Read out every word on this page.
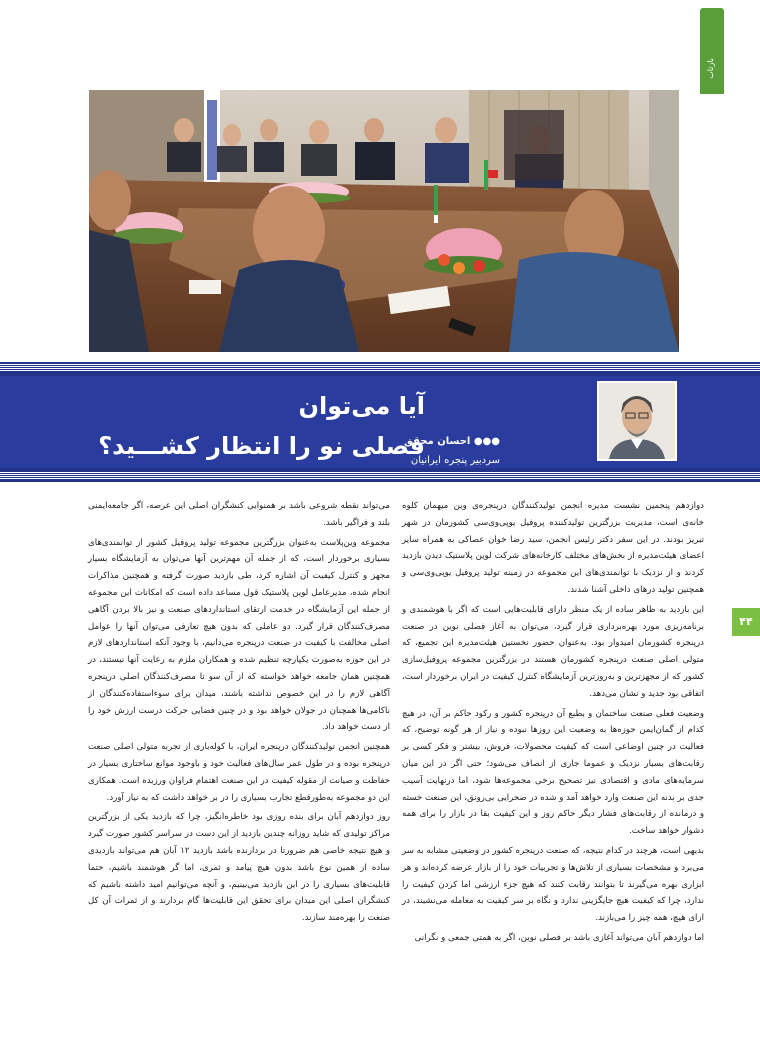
بازتاب
آیا می‌توان
فصلی نو را انتظار کشـــید؟
●●● احسان محقق
سردبیر پنجره ایرانیان
۴۴

دوازدهم پنجمین نشست مدیره انجمن تولیدکنندگان درپنجره‌ی وین میهمان کلوه خانه‌ی است، مدیریت بزرگترین تولیدکننده پروفیل یوپی‌وی‌سی کشورمان در شهر تبریز بودند. در این سفر دکتر رئیس انجمن، سید رضا خوان عصاکی به همراه سایر اعضای هیئت‌مدیره از بخش‌های مختلف کارخانه‌های شرکت لوین پلاستیک دیدن بازدید کردند و از نزدیک با توانمندی‌های این مجموعه در زمینه تولید پروفیل یوپی‌وی‌سی و همچنین تولید درهای داخلی آشنا شدند.

این بازدید به ظاهر ساده از یک منظر دارای قابلیت‌هایی است که اگر با هوشمندی و برنامه‌ریزی مورد بهره‌برداری قرار گیرد، می‌توان به آغاز فصلی نوین در صنعت درپنجره کشورمان امیدوار بود. به‌عنوان حضور نخستین هیئت‌مدیره این تجمیع، که متولی اصلی صنعت درپنجره کشورمان هستند در بزرگترین مجموعه پروفیل‌سازی کشور که از مجهزترین و به‌روزترین آزمایشگاه کنترل کیفیت در ایران برخوردار است، اتفاقی بود جدید و نشان می‌دهد.

وضعیت فعلی صنعت ساختمان و بطبع آن درپنجره کشور و رکود حاکم بر آن، در هیچ کدام از گمان‌ایمن حوزه‌ها به وضعیت این روزها نبوده و نیاز از هر گونه توضیح، که فعالیت در چنین اوضاعی است که کیفیت محصولات، فروش، بیشتر و فکر کسی بر رقابت‌های بسیار نزدیک و عموما جاری از انصاف می‌شود؛ حتی اگر در این میان سرمایه‌های مادی و اقتصادی نیز تصحیح برخی مجموعه‌ها شود، اما درنهایت آسیب جدی بر بدنه این صنعت وارد خواهد آمد و شده در صحرایی بی‌رونق، این صنعت خسته و درمانده از رقابت‌های فشار دیگر حاکم روز و این کیفیت بقا در بازار را برای همه دشوار خواهد ساخت.

بدیهی است، هرچند در کدام نتیجه، که صنعت درپنجره کشور در وضعیتی مشابه به سر می‌برد و مشخصات بسیاری از تلاش‌ها و تجربیات خود را از بازار عرضه کرده‌اند و هر ابزاری بهره می‌گیرند تا بتوانند رقابت کنند که هیچ جزء ارزشی اما کردن کیفیت را ندارد، چرا که کیفیت هیچ جایگزینی ندارد و نگاه بر سر کیفیت به معامله می‌نشیند، در ازای هیچ، همه چیز را می‌بازند.

اما دوازدهم آبان می‌تواند آغازی باشد بر فصلی نوین، اگر به همتی جمعی و نگرانی

می‌تواند نقطه شروعی باشد بر همنوایی کنشگران اصلی این عرصه، اگر جامعه‌ایمنی بلند و فراگیر باشد.

مجموعه وین‌پلاست به‌عنوان بزرگترین مجموعه تولید پروفیل کشور از توانمندی‌های بسیاری برخوردار است، که از جمله آن مهم‌ترین آنها می‌توان به آزمایشگاه بسیار مجهز و کنترل کیفیت آن اشاره کرد، طی بازدید صورت گرفته و همچنین مذاکرات انجام شده، مدیرعامل لوین پلاستیک قول مساعد داده است که امکانات این مجموعه از جمله این آزمایشگاه در خدمت ارتقای استانداردهای صنعت و نیز بالا بردن آگاهی مصرف‌کنندگان قرار گیرد. دو عاملی که بدون هیچ تعارفی می‌توان آنها را عوامل اصلی مخالفت با کیفیت در صنعت درپنجره می‌دانیم، با وجود آنکه استانداردهای لازم در این حوزه به‌صورت یکپارچه تنظیم شده و همکاران ملزم به رعایت آنها نیستند، در همچنین همان جامعه خواهد خواسته که از آن سو تا مصرف‌کنندگان اصلی درپنجره آگاهی لازم را در این خصوص نداشته باشند، میدان برای سوءاستفاده‌کنندگان از ناکامی‌ها همچنان در جولان خواهد بود و در چنین فضایی حرکت درست ارزش خود را از دست خواهد داد.

همچنین انجمن تولیدکنندگان درپنجره ایران، با کوله‌باری از تجربه متولی اصلی صنعت درپنجره بوده و در طول عمر سال‌های فعالیت خود و باوجود موانع ساختاری بسیار در حفاظت و صیانت از مقوله کیفیت در این صنعت اهتمام فراوان ورزیده است. همکاری این دو مجموعه به‌طورقطع تجارب بسیاری را در بر خواهد داشت که به نیاز آورد.

روز دوازدهم آبان برای بنده روزی بود خاطره‌انگیز، چرا که بازدید یکی از بزرگترین مراکز تولیدی که شاید روزانه چندین بازدید از این دست در سراسر کشور صورت گیرد و هیچ نتیجه خاصی هم ضرورتا در بردارنده باشد بازدید ۱۲ آبان هم می‌تواند بازدیدی ساده از همین نوع باشد بدون هیچ پیامد و ثمری، اما گر هوشمند باشیم، حتما قابلیت‌های بسیاری را در این بازدید می‌بینیم، و آنچه می‌توانیم امید داشته باشیم که کنشگران اصلی این میدان برای تحقق این قابلیت‌ها گام بردارند و از ثمرات آن کل صنعت را بهره‌مند سازند.
